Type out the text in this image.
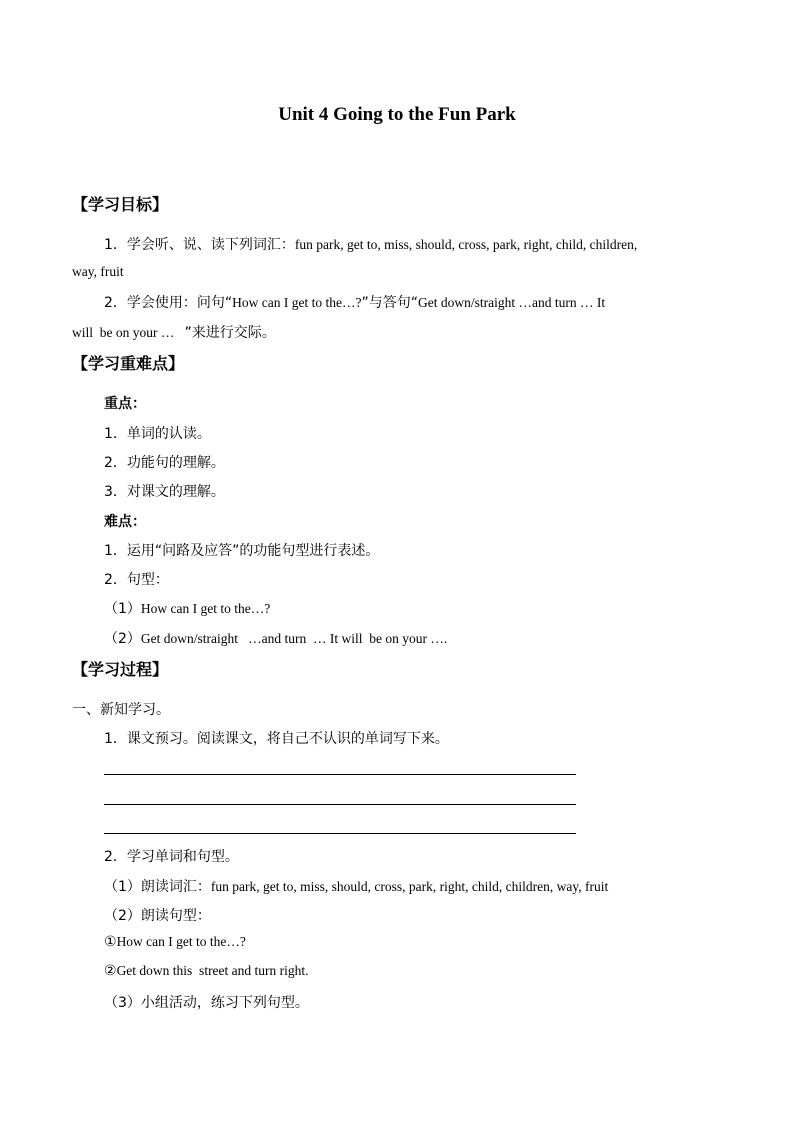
Unit 4 Going to the Fun Park
【学习目标】
1．学会听、说、读下列词汇：fun park, get to, miss, should, cross, park, right, child, children,
way, fruit
2．学会使用：问句“How can I get to the…?”与答句“Get down/straight …and turn … It
will  be on your …   ”来进行交际。
【学习重难点】
重点：
1．单词的认读。
2．功能句的理解。
3．对课文的理解。
难点：
1．运用“问路及应答”的功能句型进行表述。
2．句型：
（1）How can I get to the…?
（2）Get down/straight   …and turn  … It will  be on your ….
【学习过程】
一、新知学习。
1．课文预习。阅读课文，将自己不认识的单词写下来。
2．学习单词和句型。
（1）朗读词汇：fun park, get to, miss, should, cross, park, right, child, children, way, fruit
（2）朗读句型：
①How can I get to the…?
②Get down this  street and turn right.
（3）小组活动，练习下列句型。
